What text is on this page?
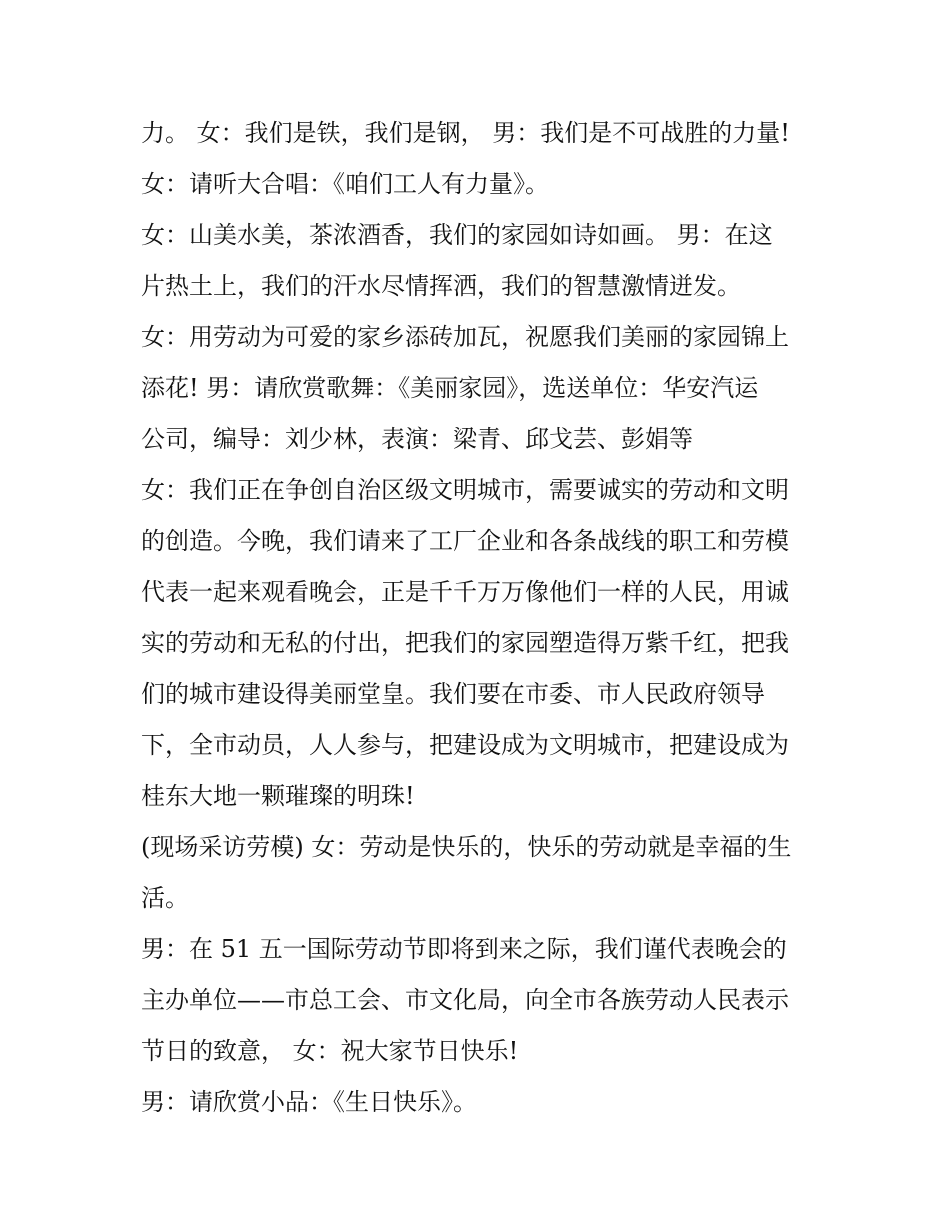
力。 女：我们是铁，我们是钢， 男：我们是不可战胜的力量!
女：请听大合唱：《咱们工人有力量》。
女：山美水美，茶浓酒香，我们的家园如诗如画。 男：在这
片热土上，我们的汗水尽情挥洒，我们的智慧激情迸发。
女：用劳动为可爱的家乡添砖加瓦，祝愿我们美丽的家园锦上
添花! 男：请欣赏歌舞：《美丽家园》，选送单位：华安汽运
公司，编导：刘少林，表演：梁青、邱戈芸、彭娟等
女：我们正在争创自治区级文明城市，需要诚实的劳动和文明
的创造。今晚，我们请来了工厂企业和各条战线的职工和劳模
代表一起来观看晚会，正是千千万万像他们一样的人民，用诚
实的劳动和无私的付出，把我们的家园塑造得万紫千红，把我
们的城市建设得美丽堂皇。我们要在市委、市人民政府领导
下，全市动员，人人参与，把建设成为文明城市，把建设成为
桂东大地一颗璀璨的明珠!
(现场采访劳模) 女：劳动是快乐的，快乐的劳动就是幸福的生
活。
男：在 51 五一国际劳动节即将到来之际，我们谨代表晚会的
主办单位——市总工会、市文化局，向全市各族劳动人民表示
节日的致意， 女：祝大家节日快乐!
男：请欣赏小品：《生日快乐》。
